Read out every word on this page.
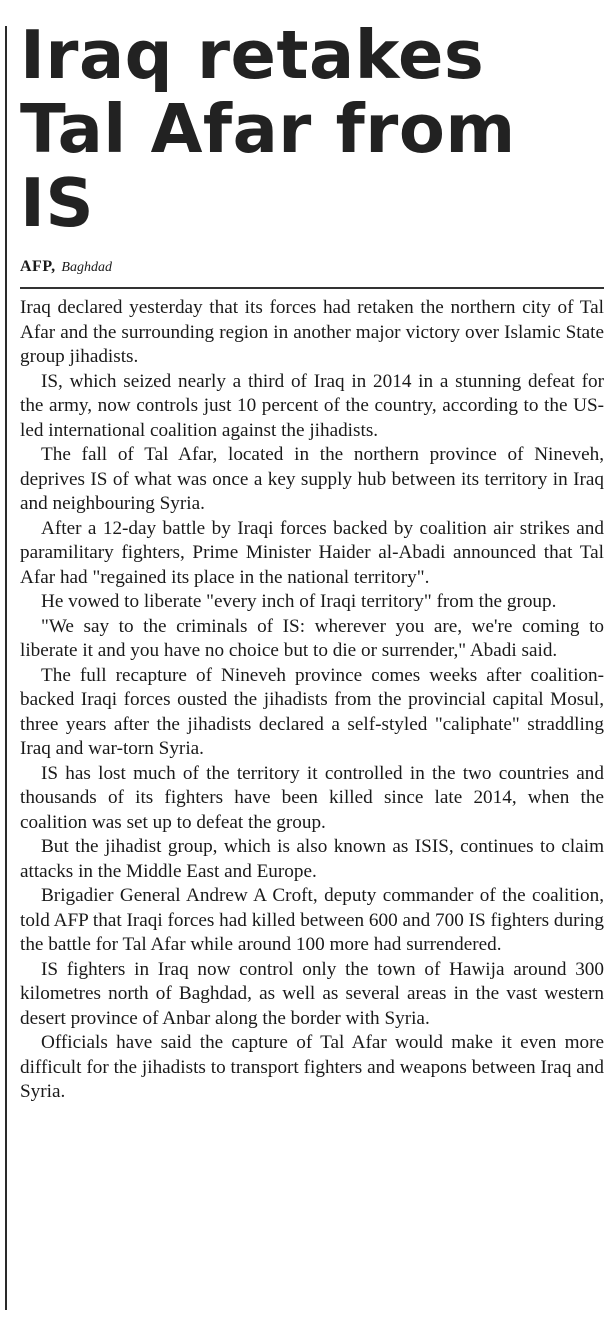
Iraq retakes Tal Afar from IS
AFP, Baghdad

Iraq declared yesterday that its forces had retaken the northern city of Tal Afar and the surrounding region in another major victory over Islamic State group jihadists.

IS, which seized nearly a third of Iraq in 2014 in a stunning defeat for the army, now controls just 10 percent of the country, according to the US-led international coalition against the jihadists.

The fall of Tal Afar, located in the northern province of Nineveh, deprives IS of what was once a key supply hub between its territory in Iraq and neighbouring Syria.

After a 12-day battle by Iraqi forces backed by coalition air strikes and paramilitary fighters, Prime Minister Haider al-Abadi announced that Tal Afar had "regained its place in the national territory".

He vowed to liberate "every inch of Iraqi territory" from the group.

"We say to the criminals of IS: wherever you are, we're coming to liberate it and you have no choice but to die or surrender," Abadi said.

The full recapture of Nineveh province comes weeks after coalition-backed Iraqi forces ousted the jihadists from the provincial capital Mosul, three years after the jihadists declared a self-styled "caliphate" straddling Iraq and war-torn Syria.

IS has lost much of the territory it controlled in the two countries and thousands of its fighters have been killed since late 2014, when the coalition was set up to defeat the group.

But the jihadist group, which is also known as ISIS, continues to claim attacks in the Middle East and Europe.

Brigadier General Andrew A Croft, deputy commander of the coalition, told AFP that Iraqi forces had killed between 600 and 700 IS fighters during the battle for Tal Afar while around 100 more had surrendered.

IS fighters in Iraq now control only the town of Hawija around 300 kilometres north of Baghdad, as well as several areas in the vast western desert province of Anbar along the border with Syria.

Officials have said the capture of Tal Afar would make it even more difficult for the jihadists to transport fighters and weapons between Iraq and Syria.
